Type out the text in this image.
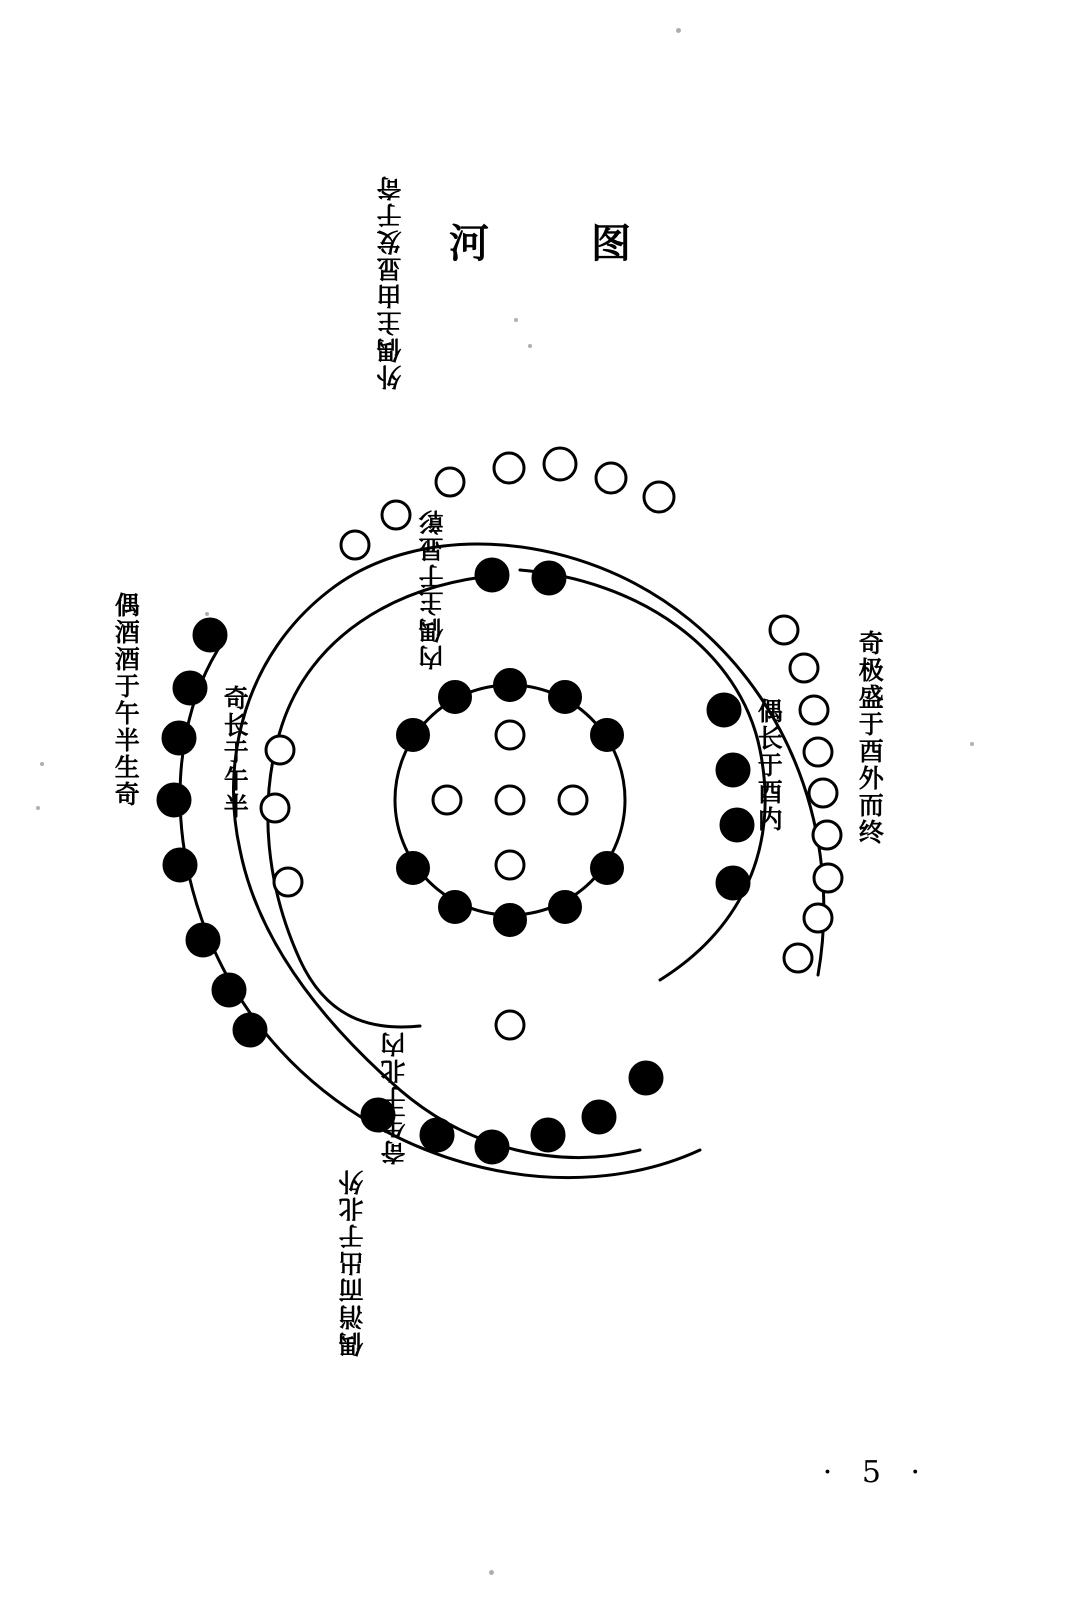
河 图
外偶主由显发于奇
内偶主于显彰
奇极盛于酉外而终
偶长于酉内
奇生于北内
偶消而出于北外
偶酒酒于午半生奇	奇长于午半
· 5 ·
